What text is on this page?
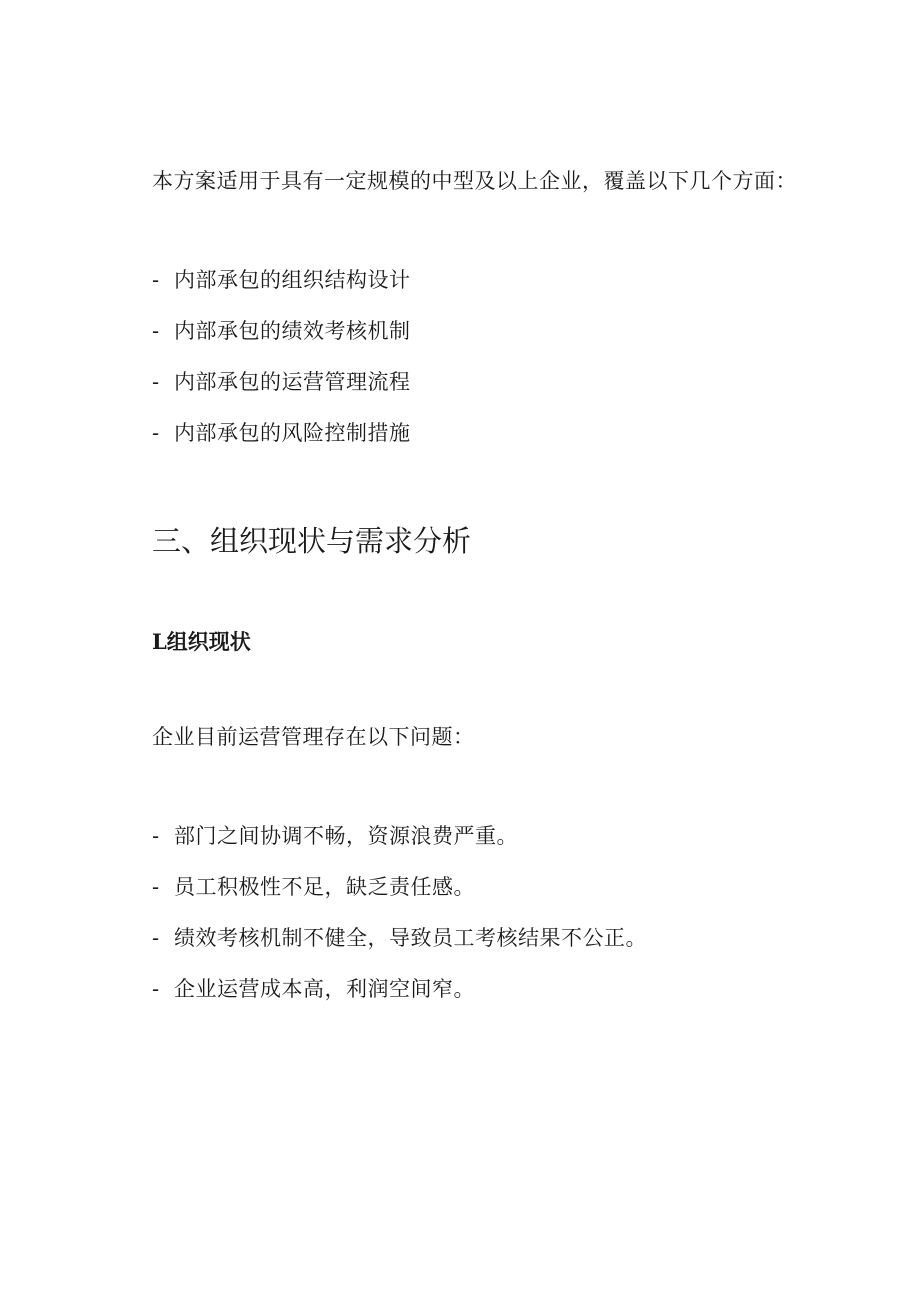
本方案适用于具有一定规模的中型及以上企业，覆盖以下几个方面：

- 内部承包的组织结构设计
- 内部承包的绩效考核机制
- 内部承包的运营管理流程
- 内部承包的风险控制措施
三、组织现状与需求分析
L组织现状

企业目前运营管理存在以下问题：

- 部门之间协调不畅，资源浪费严重。
- 员工积极性不足，缺乏责任感。
- 绩效考核机制不健全，导致员工考核结果不公正。
- 企业运营成本高，利润空间窄。
